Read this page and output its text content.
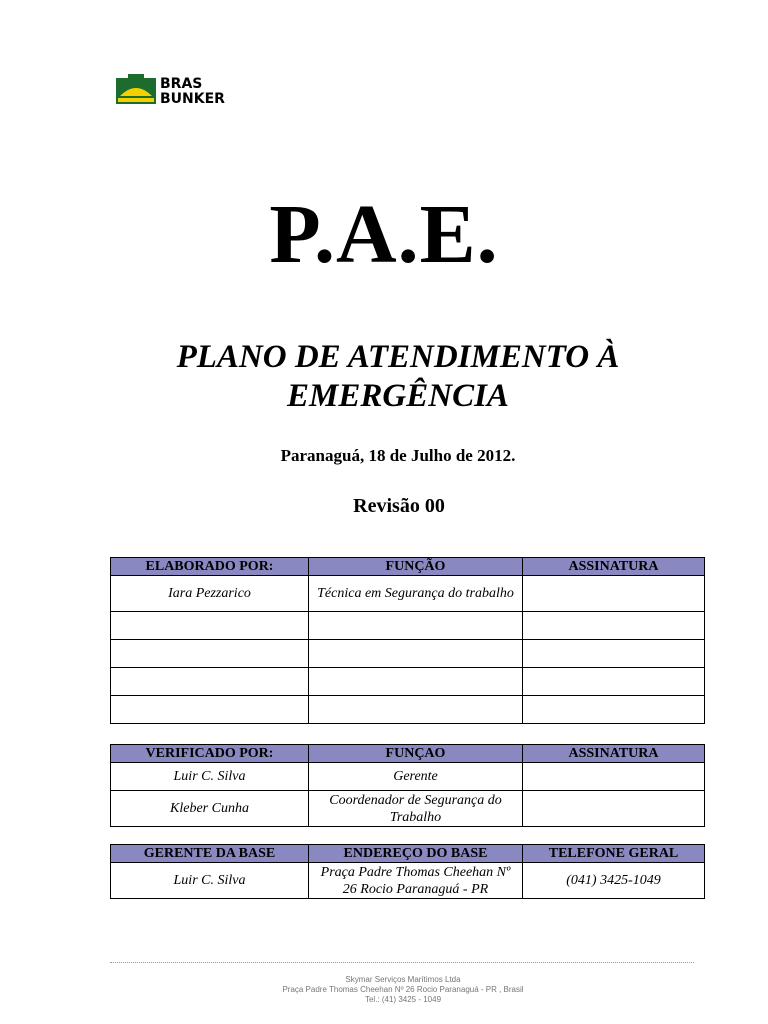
BRAS
BUNKER
P.A.E.
PLANO DE ATENDIMENTO À
EMERGÊNCIA
Paranaguá, 18 de Julho de 2012.
Revisão 00
ELABORADO POR:	FUNÇÃO	ASSINATURA
Iara Pezzarico	Técnica em Segurança do trabalho	

VERIFICADO POR:	FUNÇAO	ASSINATURA
Luir C. Silva	Gerente	
Kleber Cunha	Coordenador de Segurança do Trabalho	
GERENTE DA BASE	ENDEREÇO DO BASE	TELEFONE GERAL
Luir C. Silva	Praça Padre Thomas Cheehan Nº 26 Rocio Paranaguá - PR	(041) 3425-1049
Skymar Serviços Marítimos Ltda
Praça Padre Thomas Cheehan Nº 26 Rocio Paranaguá - PR , Brasil
Tel.: (41) 3425 - 1049
